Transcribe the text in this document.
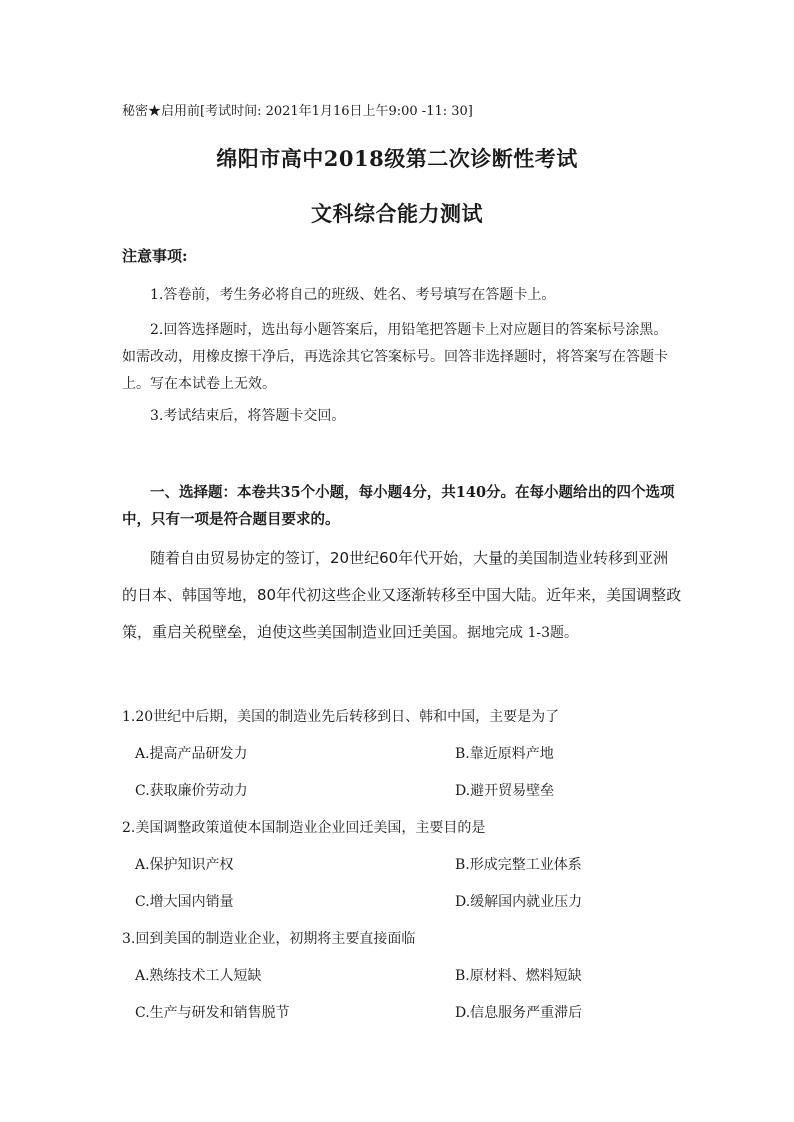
秘密★启用前[考试时间: 2021年1月16日上午9:00 -11: 30]
绵阳市高中2018级第二次诊断性考试
文科综合能力测试
注意事项:
1.答卷前，考生务必将自己的班级、姓名、考号填写在答题卡上。
2.回答选择题时，选出每小题答案后，用铅笔把答题卡上对应题目的答案标号涂黑。如需改动，用橡皮擦干净后，再选涂其它答案标号。回答非选择题时，将答案写在答题卡上。写在本试卷上无效。
3.考试结束后，将答题卡交回。
一、选择题：本卷共35个小题，每小题4分，共140分。在每小题给出的四个选项中，只有一项是符合题目要求的。
随着自由贸易协定的签订，20世纪60年代开始，大量的美国制造业转移到亚洲的日本、韩国等地，80年代初这些企业又逐渐转移至中国大陆。近年来，美国调整政策，重启关税壁垒，迫使这些美国制造业回迁美国。据地完成 1-3题。
1.20世纪中后期，美国的制造业先后转移到日、韩和中国，主要是为了
A.提高产品研发力	B.靠近原料产地
C.获取廉价劳动力	D.避开贸易壁垒
2.美国调整政策道使本国制造业企业回迁美国，主要目的是
A.保护知识产权	B.形成完整工业体系
C.增大国内销量	D.缓解国内就业压力
3.回到美国的制造业企业，初期将主要直接面临
A.熟练技术工人短缺	B.原材料、燃料短缺
C.生产与研发和销售脱节	D.信息服务严重滞后
